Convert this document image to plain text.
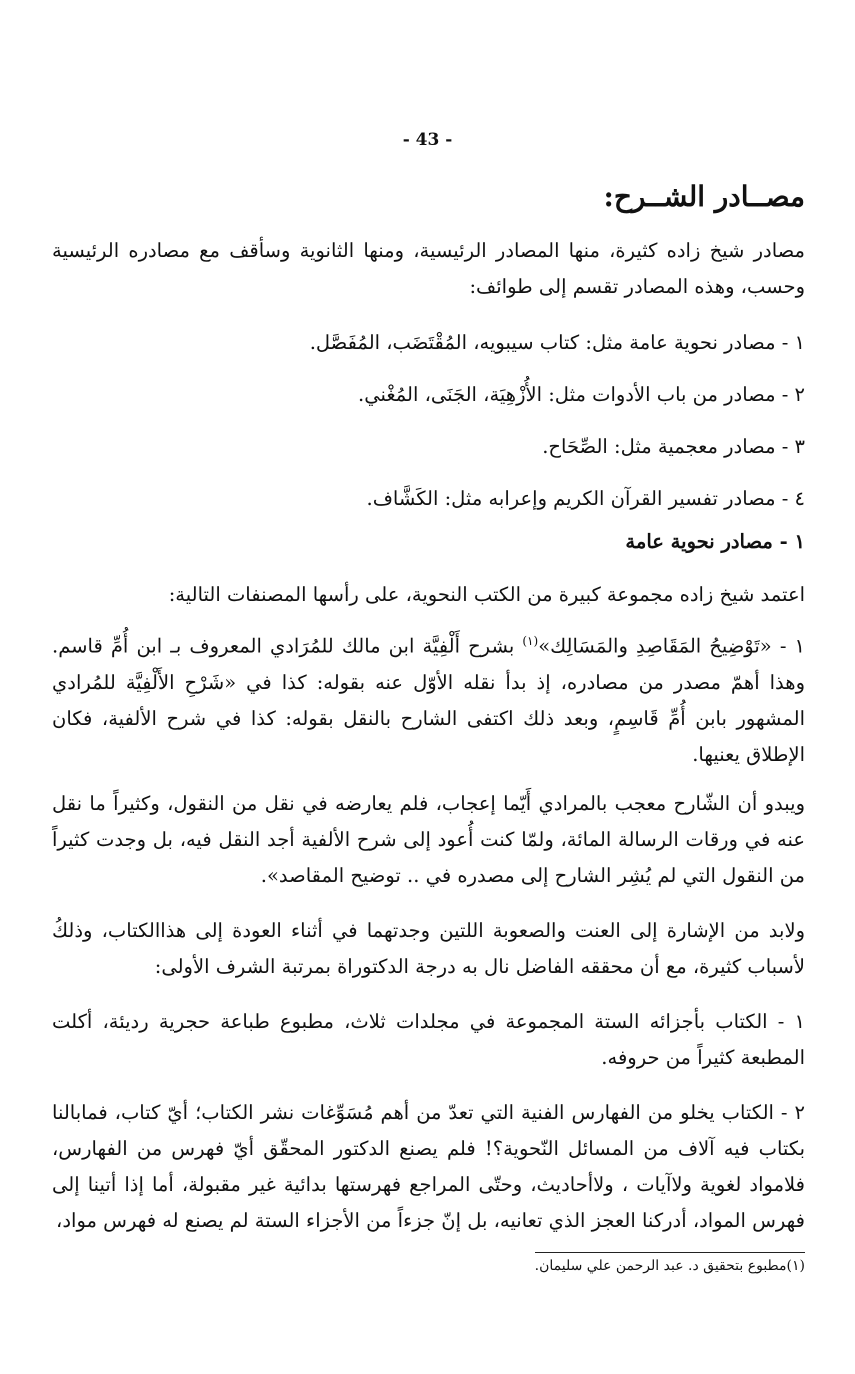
- 43 -
مصــادر الشــرح:
مصادر شيخ زاده كثيرة، منها المصادر الرئيسية، ومنها الثانوية وسأقف مع مصادره الرئيسية وحسب، وهذه المصادر تقسم إلى طوائف:
١ - مصادر نحوية عامة مثل: كتاب سيبويه، المُقْتَضَب، المُفَصَّل.
٢ - مصادر من باب الأدوات مثل: الأُزْهِيَة، الجَنَى، المُغْني.
٣ - مصادر معجمية مثل: الصِّحَاح.
٤ - مصادر تفسير القرآن الكريم وإعرابه مثل: الكَشَّاف.
١ - مصادر نحوية عامة
اعتمد شيخ زاده مجموعة كبيرة من الكتب النحوية، على رأسها المصنفات التالية:
١ - «تَوْضِيحُ المَقَاصِدِ والمَسَالِك»$^{(١)}$ بشرح أَلْفِيَّة ابن مالك للمُرَادي المعروف بـ ابن أُمِّ قاسم. وهذا أهمّ مصدر من مصادره، إذ بدأ نقله الأوّل عنه بقوله: كذا في «شَرْحِ الأَلْفِيَّة للمُرادي المشهور بابن أُمِّ قَاسِمٍ، وبعد ذلك اكتفى الشارح بالنقل بقوله: كذا في شرح الألفية، فكان الإطلاق يعنيها.
ويبدو أن الشّارح معجب بالمرادي أَيّما إعجاب، فلم يعارضه في نقل من النقول، وكثيراً ما نقل عنه في ورقات الرسالة المائة، ولمّا كنت أُعود إلى شرح الألفية أجد النقل فيه، بل وجدت كثيراً من النقول التي لم يُشِر الشارح إلى مصدره في .. توضيح المقاصد».
ولابد من الإشارة إلى العنت والصعوبة اللتين وجدتهما في أثناء العودة إلى هذاالكتاب، وذلكُ لأسباب كثيرة، مع أن محققه الفاضل نال به درجة الدكتوراة بمرتبة الشرف الأولى:
١ - الكتاب بأجزائه الستة المجموعة في مجلدات ثلاث، مطبوع طباعة حجرية رديئة، أكلت المطبعة كثيراً من حروفه.
٢ - الكتاب يخلو من الفهارس الفنية التي تعدّ من أهم مُسَوِّغات نشر الكتاب؛ أيّ كتاب، فمابالنا بكتاب فيه آلاف من المسائل النّحوية؟! فلم يصنع الدكتور المحقّق أيّ فهرس من الفهارس، فلامواد لغوية ولاآيات ، ولاأحاديث، وحتّى المراجع فهرستها بدائية غير مقبولة، أما إذا أتينا إلى فهرس المواد، أدركنا العجز الذي تعانيه، بل إنّ جزءاً من الأجزاء الستة لم يصنع له فهرس مواد،
(١)مطبوع بتحقيق د. عبد الرحمن علي سليمان.
